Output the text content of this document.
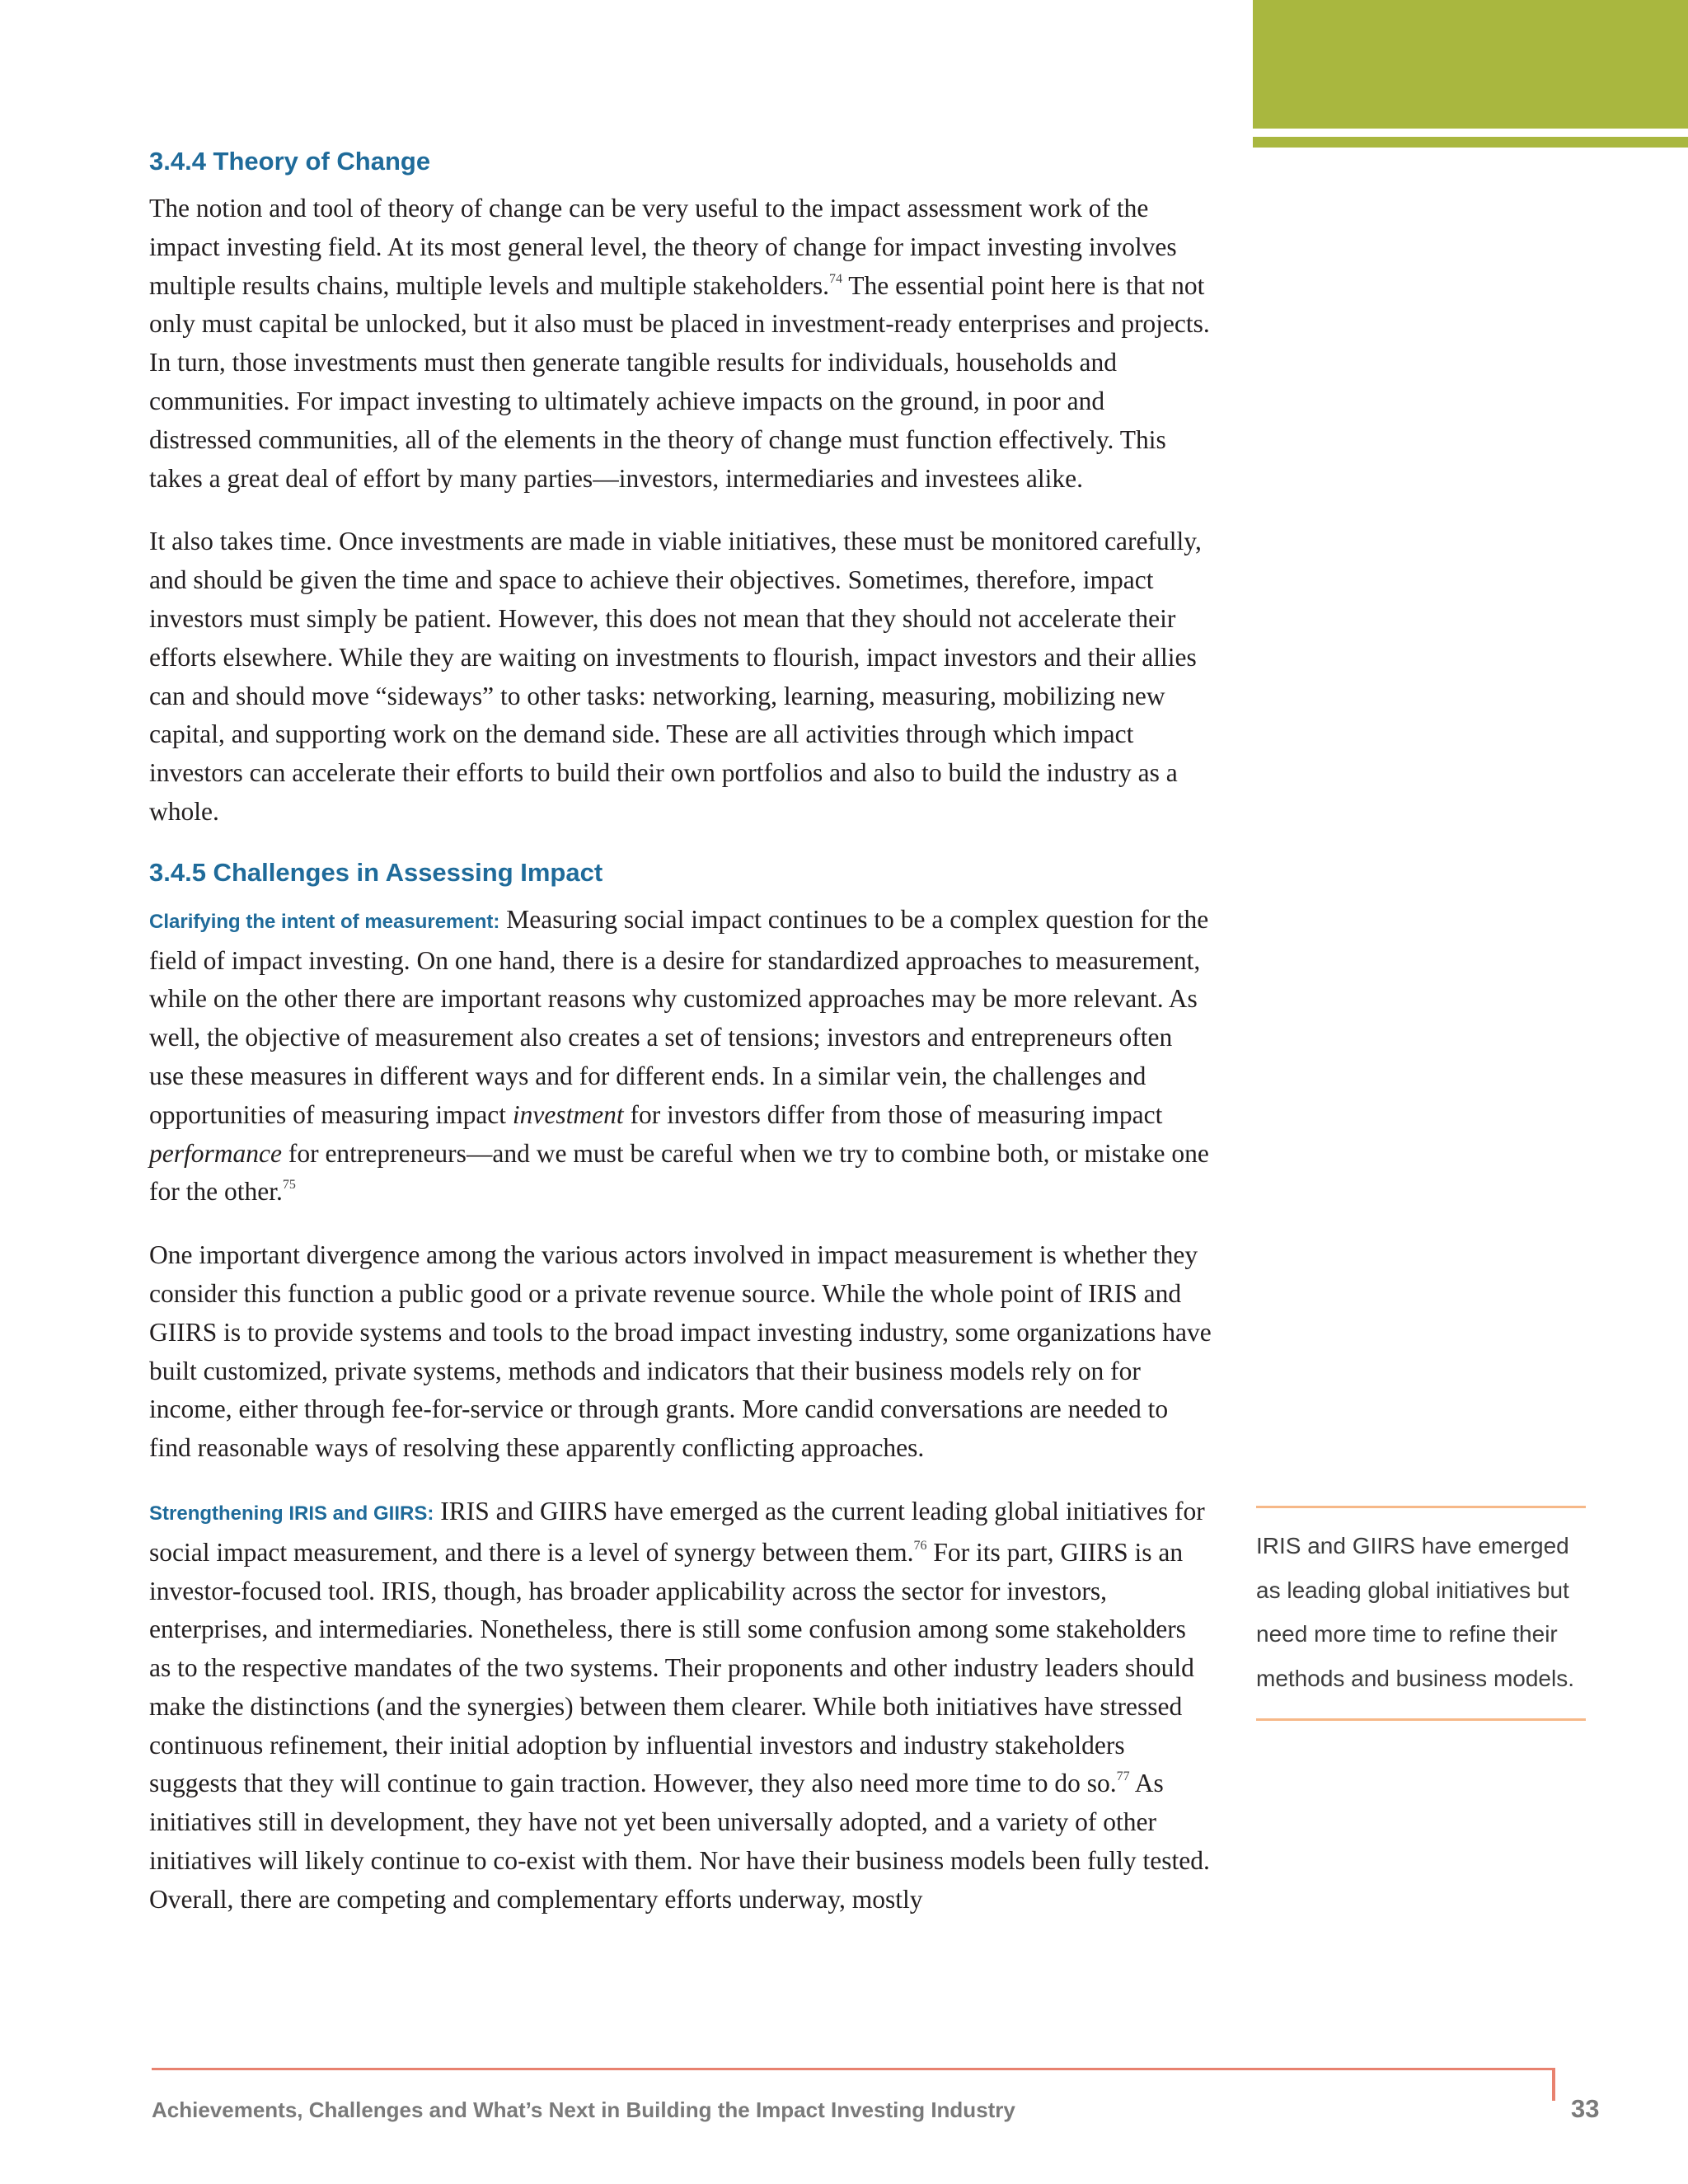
3.4.4 Theory of Change

The notion and tool of theory of change can be very useful to the impact assessment work of the impact investing field. At its most general level, the theory of change for impact investing involves multiple results chains, multiple levels and multiple stakeholders.$^{74}$ The essential point here is that not only must capital be unlocked, but it also must be placed in investment-ready enterprises and projects. In turn, those investments must then generate tangible results for individuals, households and communities. For impact investing to ultimately achieve impacts on the ground, in poor and distressed communities, all of the elements in the theory of change must function effectively. This takes a great deal of effort by many parties—investors, intermediaries and investees alike.

It also takes time. Once investments are made in viable initiatives, these must be monitored carefully, and should be given the time and space to achieve their objectives. Sometimes, therefore, impact investors must simply be patient. However, this does not mean that they should not accelerate their efforts elsewhere. While they are waiting on investments to flourish, impact investors and their allies can and should move “sideways” to other tasks: networking, learning, measuring, mobilizing new capital, and supporting work on the demand side. These are all activities through which impact investors can accelerate their efforts to build their own portfolios and also to build the industry as a whole.

3.4.5 Challenges in Assessing Impact

Clarifying the intent of measurement: Measuring social impact continues to be a complex question for the field of impact investing. On one hand, there is a desire for standardized approaches to measurement, while on the other there are important reasons why customized approaches may be more relevant. As well, the objective of measurement also creates a set of tensions; investors and entrepreneurs often use these measures in different ways and for different ends. In a similar vein, the challenges and opportunities of measuring impact investment for investors differ from those of measuring impact performance for entrepreneurs—and we must be careful when we try to combine both, or mistake one for the other.$^{75}$

One important divergence among the various actors involved in impact measurement is whether they consider this function a public good or a private revenue source. While the whole point of IRIS and GIIRS is to provide systems and tools to the broad impact investing industry, some organizations have built customized, private systems, methods and indicators that their business models rely on for income, either through fee-for-service or through grants. More candid conversations are needed to find reasonable ways of resolving these apparently conflicting approaches.

Strengthening IRIS and GIIRS: IRIS and GIIRS have emerged as the current leading global initiatives for social impact measurement, and there is a level of synergy between them.$^{76}$ For its part, GIIRS is an investor-focused tool. IRIS, though, has broader applicability across the sector for investors, enterprises, and intermediaries. Nonetheless, there is still some confusion among some stakeholders as to the respective mandates of the two systems. Their proponents and other industry leaders should make the distinctions (and the synergies) between them clearer. While both initiatives have stressed continuous refinement, their initial adoption by influential investors and industry stakeholders suggests that they will continue to gain traction. However, they also need more time to do so.$^{77}$ As initiatives still in development, they have not yet been universally adopted, and a variety of other initiatives will likely continue to co-exist with them. Nor have their business models been fully tested. Overall, there are competing and complementary efforts underway, mostly

IRIS and GIIRS have emerged as leading global initiatives but need more time to refine their methods and business models.
Achievements, Challenges and What’s Next in Building the Impact Investing Industry	33
